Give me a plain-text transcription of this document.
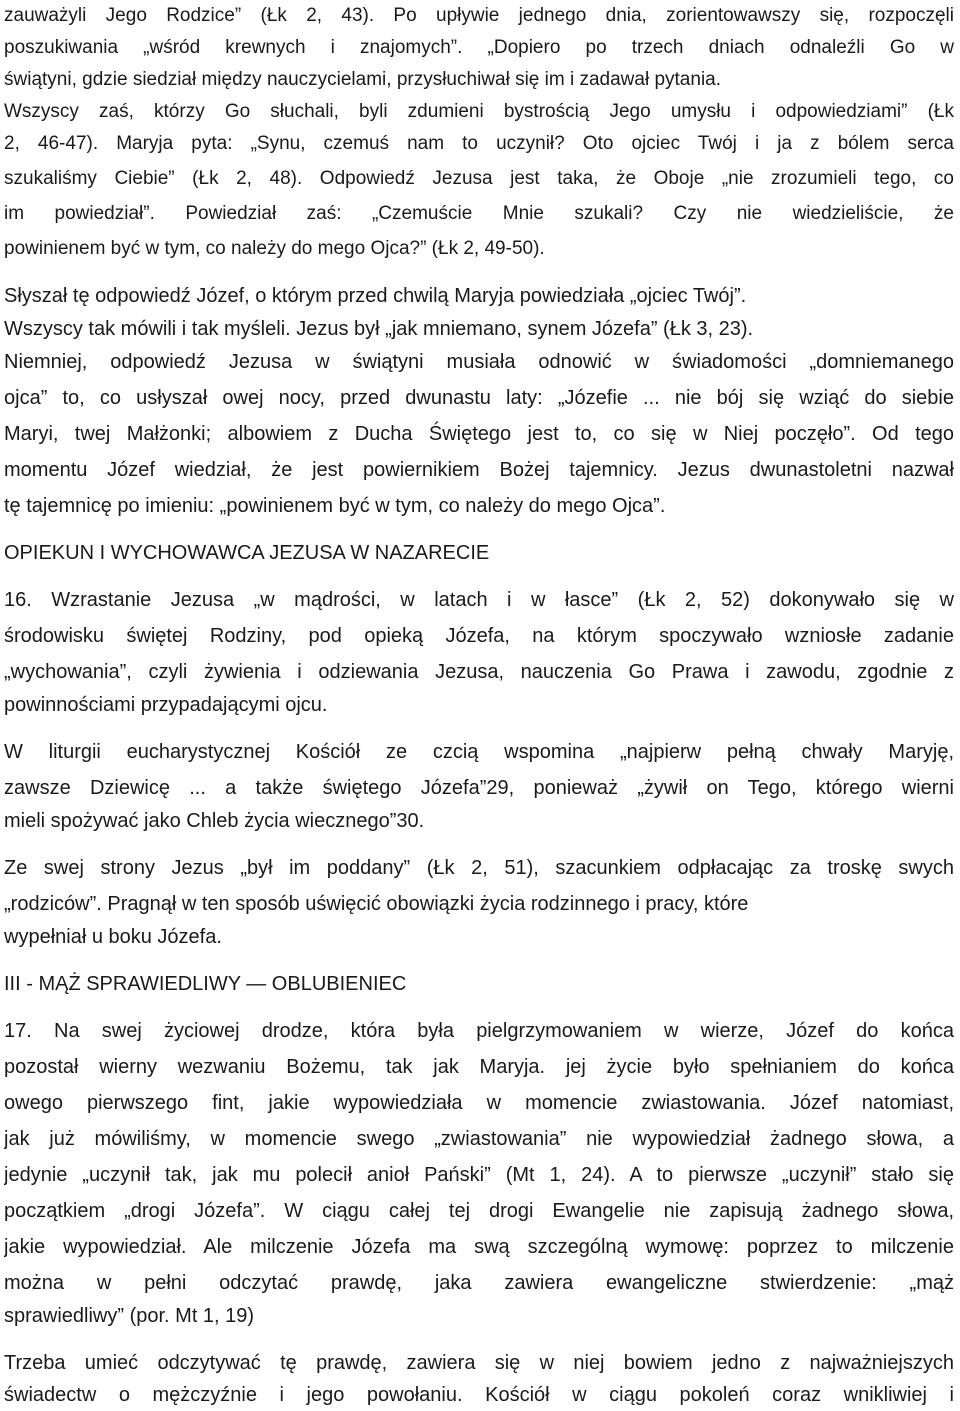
zauważyli Jego Rodzice” (Łk 2, 43). Po upływie jednego dnia, zorientowawszy się, rozpoczęli
poszukiwania „wśród krewnych i znajomych”. „Dopiero po trzech dniach odnaleźli Go w
świątyni, gdzie siedział między nauczycielami, przysłuchiwał się im i zadawał pytania.
Wszyscy zaś, którzy Go słuchali, byli zdumieni bystrością Jego umysłu i odpowiedziami” (Łk
2, 46-47). Maryja pyta: „Synu, czemuś nam to uczynił? Oto ojciec Twój i ja z bólem serca
szukaliśmy Ciebie” (Łk 2, 48). Odpowiedź Jezusa jest taka, że Oboje „nie zrozumieli tego, co
im powiedział”. Powiedział zaś: „Czemuście Mnie szukali? Czy nie wiedzieliście, że
powinienem być w tym, co należy do mego Ojca?” (Łk 2, 49-50).
Słyszał tę odpowiedź Józef, o którym przed chwilą Maryja powiedziała „ojciec Twój”.
Wszyscy tak mówili i tak myśleli. Jezus był „jak mniemano, synem Józefa” (Łk 3, 23).
Niemniej, odpowiedź Jezusa w świątyni musiała odnowić w świadomości „domniemanego
ojca” to, co usłyszał owej nocy, przed dwunastu laty: „Józefie ... nie bój się wziąć do siebie
Maryi, twej Małżonki; albowiem z Ducha Świętego jest to, co się w Niej poczęło”. Od tego
momentu Józef wiedział, że jest powiernikiem Bożej tajemnicy. Jezus dwunastoletni nazwał
tę tajemnicę po imieniu: „powinienem być w tym, co należy do mego Ojca”.
OPIEKUN I WYCHOWAWCA JEZUSA W NAZARECIE
16. Wzrastanie Jezusa „w mądrości, w latach i w łasce” (Łk 2, 52) dokonywało się w
środowisku świętej Rodziny, pod opieką Józefa, na którym spoczywało wzniosłe zadanie
„wychowania”, czyli żywienia i odziewania Jezusa, nauczenia Go Prawa i zawodu, zgodnie z
powinnościami przypadającymi ojcu.
W liturgii eucharystycznej Kościół ze czcią wspomina „najpierw pełną chwały Maryję,
zawsze Dziewicę ... a także świętego Józefa”29, ponieważ „żywił on Tego, którego wierni
mieli spożywać jako Chleb życia wiecznego”30.
Ze swej strony Jezus „był im poddany” (Łk 2, 51), szacunkiem odpłacając za troskę swych
„rodziców”. Pragnął w ten sposób uświęcić obowiązki życia rodzinnego i pracy, które
wypełniał u boku Józefa.
III - MĄŻ SPRAWIEDLIWY — OBLUBIENIEC
17. Na swej życiowej drodze, która była pielgrzymowaniem w wierze, Józef do końca
pozostał wierny wezwaniu Bożemu, tak jak Maryja. jej życie było spełnianiem do końca
owego pierwszego fint, jakie wypowiedziała w momencie zwiastowania. Józef natomiast,
jak już mówiliśmy, w momencie swego „zwiastowania” nie wypowiedział żadnego słowa, a
jedynie „uczynił tak, jak mu polecił anioł Pański” (Mt 1, 24). A to pierwsze „uczynił” stało się
początkiem „drogi Józefa”. W ciągu całej tej drogi Ewangelie nie zapisują żadnego słowa,
jakie wypowiedział. Ale milczenie Józefa ma swą szczególną wymowę: poprzez to milczenie
można w pełni odczytać prawdę, jaka zawiera ewangeliczne stwierdzenie: „mąż
sprawiedliwy” (por. Mt 1, 19)
Trzeba umieć odczytywać tę prawdę, zawiera się w niej bowiem jedno z najważniejszych
świadectw o mężczyźnie i jego powołaniu. Kościół w ciągu pokoleń coraz wnikliwiej i
